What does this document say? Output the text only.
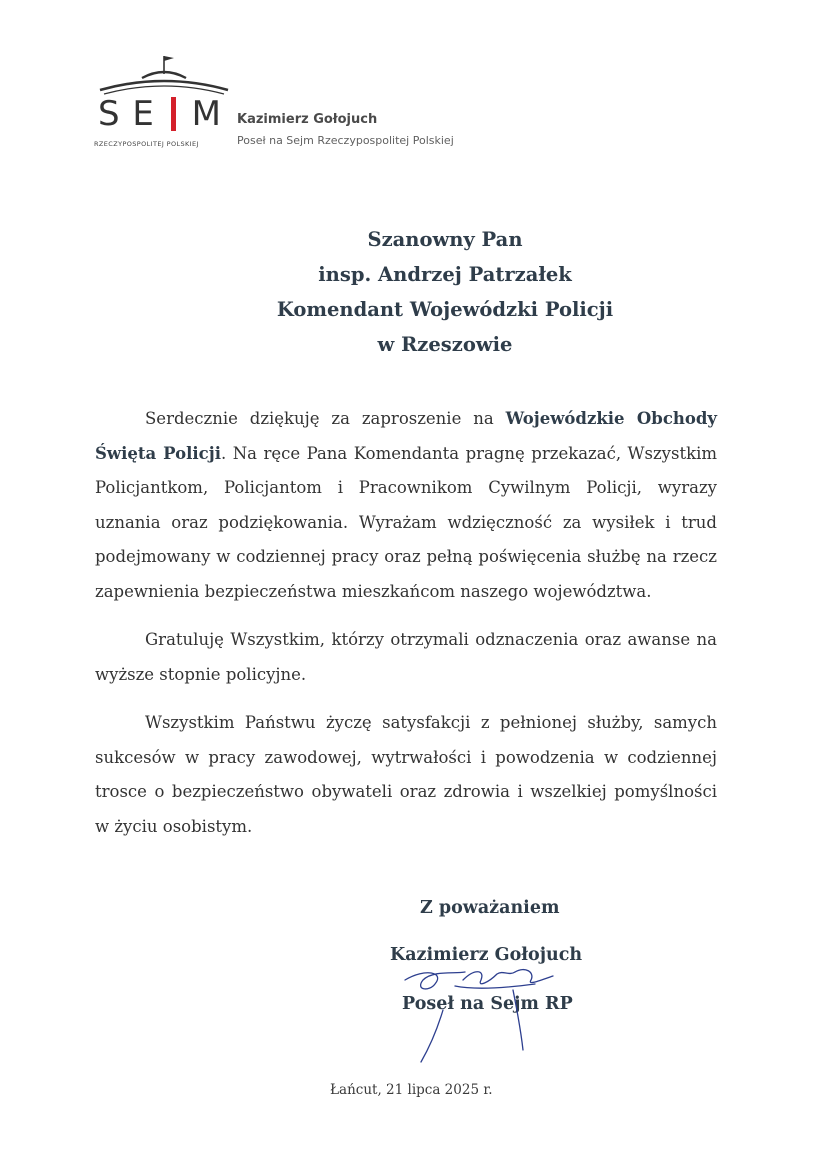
S E M
RZECZYPOSPOLITEJ POLSKIEJ
Kazimierz Gołojuch
Poseł na Sejm Rzeczypospolitej Polskiej
Szanowny Pan
insp. Andrzej Patrzałek
Komendant Wojewódzki Policji
w Rzeszowie

Serdecznie dziękuję za zaproszenie na Wojewódzkie Obchody Święta Policji. Na ręce Pana Komendanta pragnę przekazać, Wszystkim Policjantkom, Policjantom i Pracownikom Cywilnym Policji, wyrazy uznania oraz podziękowania. Wyrażam wdzięczność za wysiłek i trud podejmowany w codziennej pracy oraz pełną poświęcenia służbę na rzecz zapewnienia bezpieczeństwa mieszkańcom naszego województwa.

Gratuluję Wszystkim, którzy otrzymali odznaczenia oraz awanse na wyższe stopnie policyjne.

Wszystkim Państwu życzę satysfakcji z pełnionej służby, samych sukcesów w pracy zawodowej, wytrwałości i powodzenia w codziennej trosce o bezpieczeństwo obywateli oraz zdrowia i wszelkiej pomyślności w życiu osobistym.

Z poważaniem
Kazimierz Gołojuch
Poseł na Sejm RP
Łańcut, 21 lipca 2025 r.
